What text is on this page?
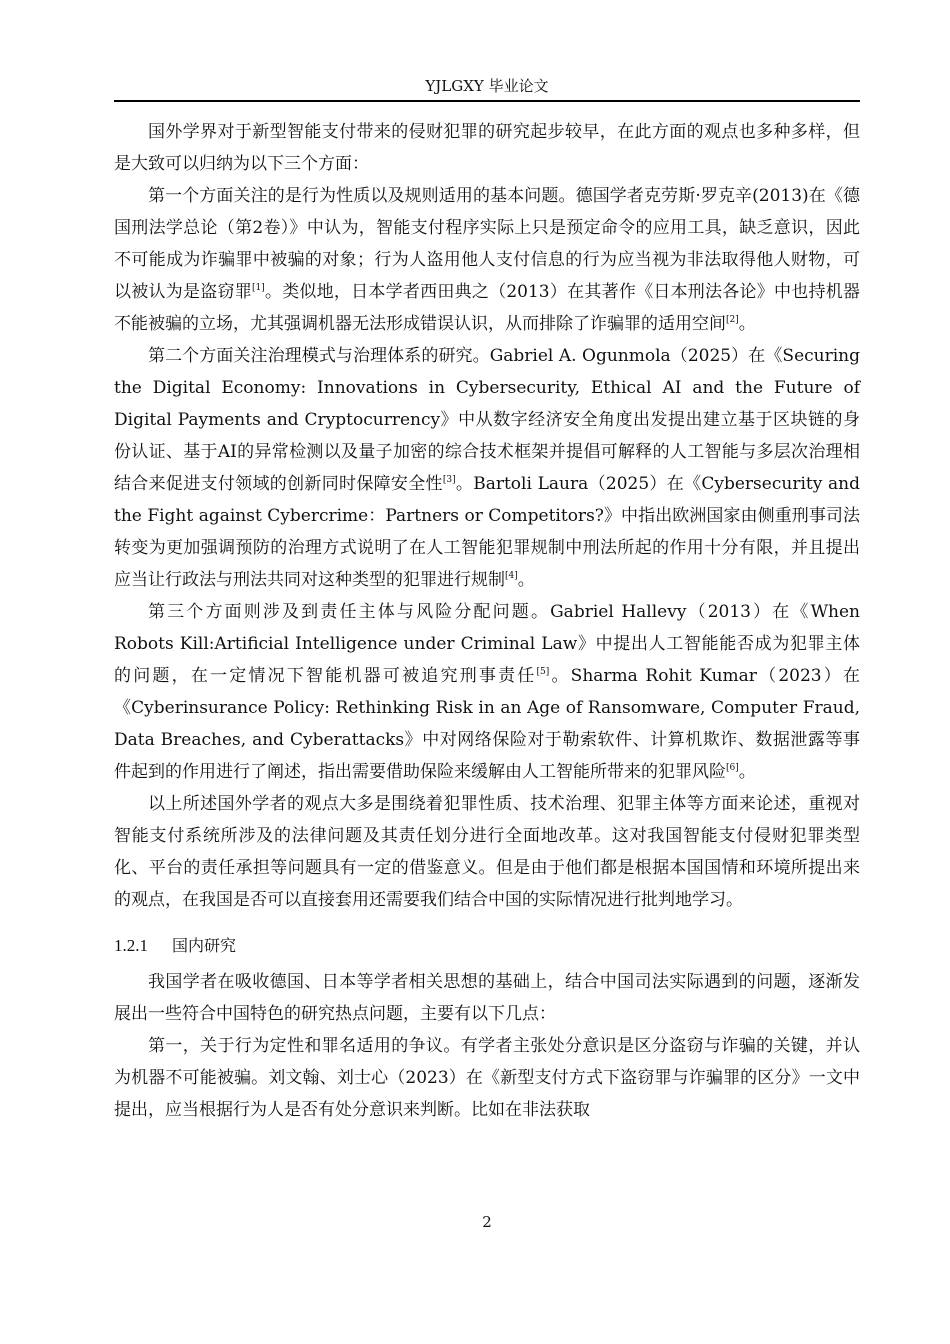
YJLGXY 毕业论文

国外学界对于新型智能支付带来的侵财犯罪的研究起步较早，在此方面的观点也多种多样，但是大致可以归纳为以下三个方面：

第一个方面关注的是行为性质以及规则适用的基本问题。德国学者克劳斯·罗克辛(2013)在《德国刑法学总论（第2卷）》中认为，智能支付程序实际上只是预定命令的应用工具，缺乏意识，因此不可能成为诈骗罪中被骗的对象；行为人盗用他人支付信息的行为应当视为非法取得他人财物，可以被认为是盗窃罪[1]。类似地，日本学者西田典之（2013）在其著作《日本刑法各论》中也持机器不能被骗的立场，尤其强调机器无法形成错误认识，从而排除了诈骗罪的适用空间[2]。

第二个方面关注治理模式与治理体系的研究。Gabriel A. Ogunmola（2025）在《Securing the Digital Economy: Innovations in Cybersecurity, Ethical AI and the Future of Digital Payments and Cryptocurrency》中从数字经济安全角度出发提出建立基于区块链的身份认证、基于AI的异常检测以及量子加密的综合技术框架并提倡可解释的人工智能与多层次治理相结合来促进支付领域的创新同时保障安全性[3]。Bartoli Laura（2025）在《Cybersecurity and the Fight against Cybercrime：Partners or Competitors?》中指出欧洲国家由侧重刑事司法转变为更加强调预防的治理方式说明了在人工智能犯罪规制中刑法所起的作用十分有限，并且提出应当让行政法与刑法共同对这种类型的犯罪进行规制[4]。

第三个方面则涉及到责任主体与风险分配问题。Gabriel Hallevy（2013）在《When Robots Kill:Artificial Intelligence under Criminal Law》中提出人工智能能否成为犯罪主体的问题，在一定情况下智能机器可被追究刑事责任[5]。Sharma Rohit Kumar（2023）在《Cyberinsurance Policy: Rethinking Risk in an Age of Ransomware, Computer Fraud, Data Breaches, and Cyberattacks》中对网络保险对于勒索软件、计算机欺诈、数据泄露等事件起到的作用进行了阐述，指出需要借助保险来缓解由人工智能所带来的犯罪风险[6]。

以上所述国外学者的观点大多是围绕着犯罪性质、技术治理、犯罪主体等方面来论述，重视对智能支付系统所涉及的法律问题及其责任划分进行全面地改革。这对我国智能支付侵财犯罪类型化、平台的责任承担等问题具有一定的借鉴意义。但是由于他们都是根据本国国情和环境所提出来的观点，在我国是否可以直接套用还需要我们结合中国的实际情况进行批判地学习。

1.2.1 国内研究

我国学者在吸收德国、日本等学者相关思想的基础上，结合中国司法实际遇到的问题，逐渐发展出一些符合中国特色的研究热点问题，主要有以下几点：

第一，关于行为定性和罪名适用的争议。有学者主张处分意识是区分盗窃与诈骗的关键，并认为机器不可能被骗。刘文翰、刘士心（2023）在《新型支付方式下盗窃罪与诈骗罪的区分》一文中提出，应当根据行为人是否有处分意识来判断。比如在非法获取

2
